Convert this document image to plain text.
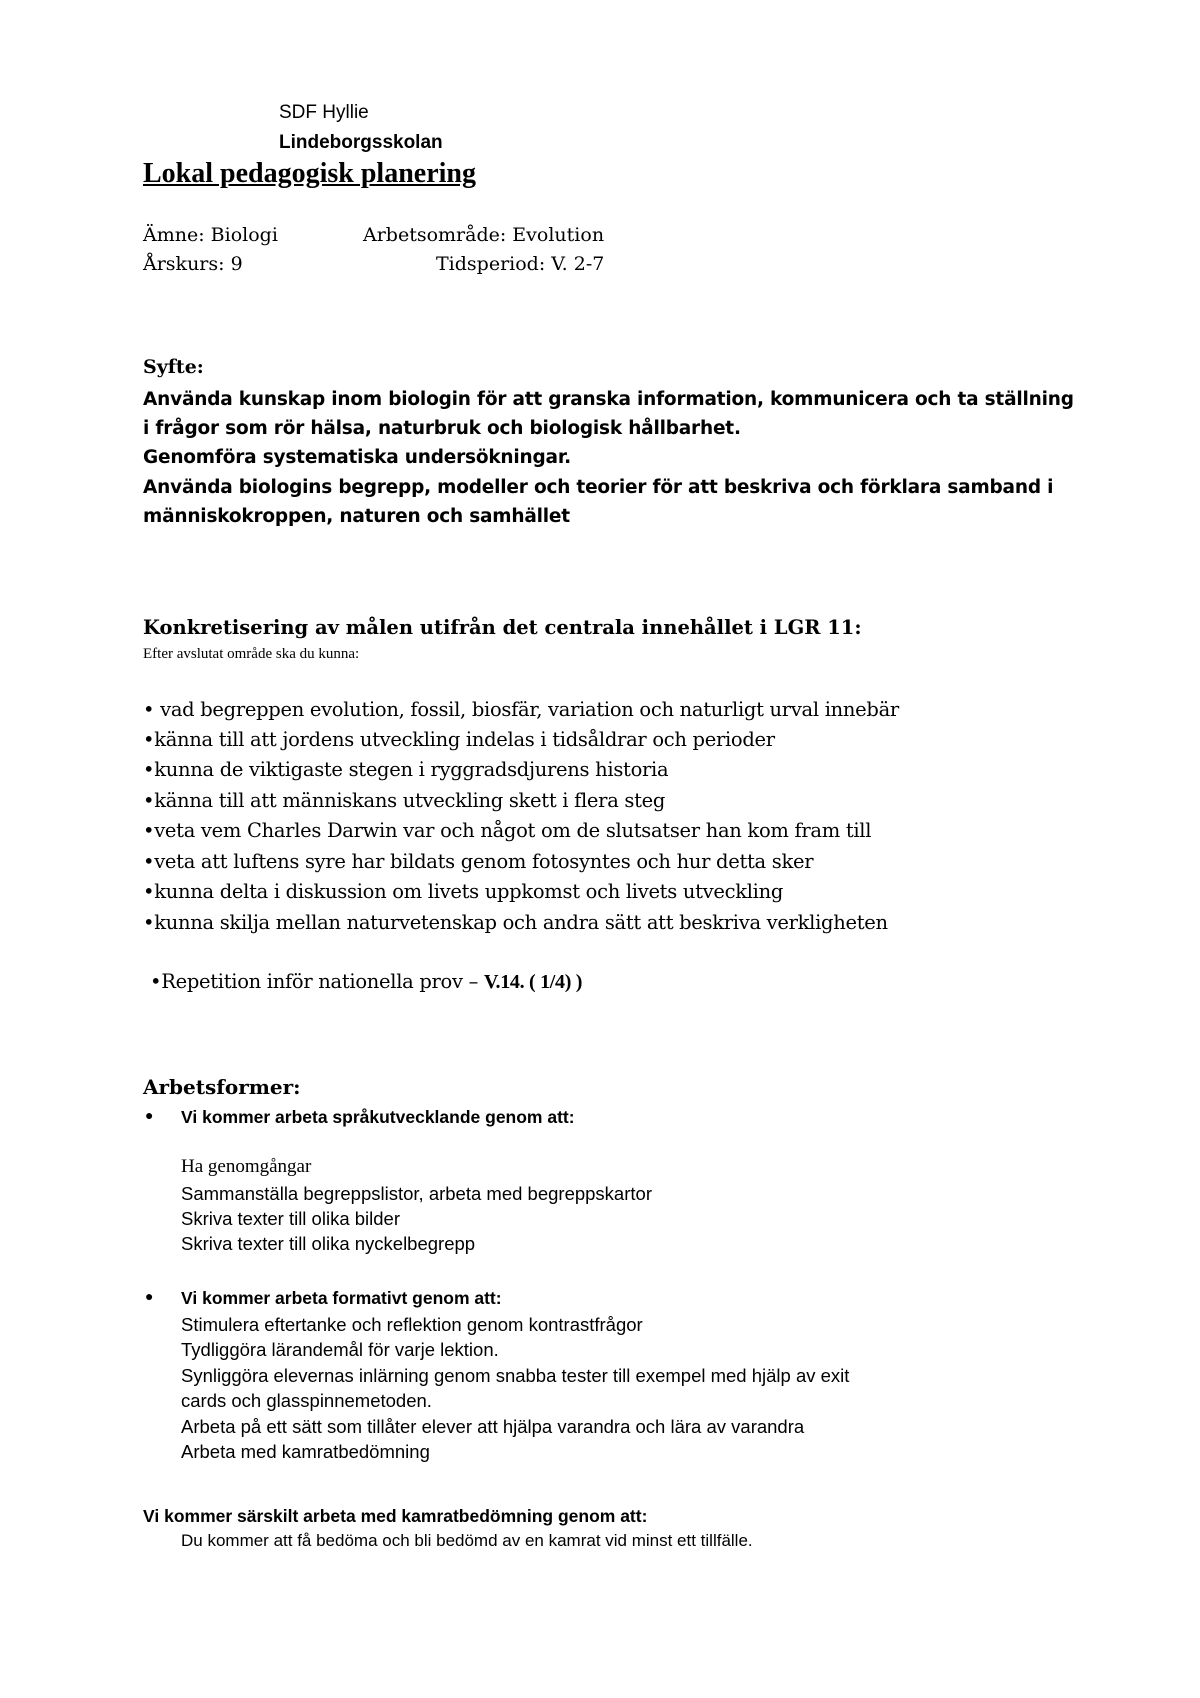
SDF Hyllie
Lindeborgsskolan
Lokal pedagogisk planering
Ämne: Biologi	Arbetsområde: Evolution
Årskurs: 9	Tidsperiod: V. 2-7
Syfte:
Använda kunskap inom biologin för att granska information, kommunicera och ta ställning
i frågor som rör hälsa, naturbruk och biologisk hållbarhet.
Genomföra systematiska undersökningar.
Använda biologins begrepp, modeller och teorier för att beskriva och förklara samband i
människokroppen, naturen och samhället
Konkretisering av målen utifrån det centrala innehållet i LGR 11:
Efter avslutat område ska du kunna:
• vad begreppen evolution, fossil, biosfär, variation och naturligt urval innebär
•känna till att jordens utveckling indelas i tidsåldrar och perioder
•kunna de viktigaste stegen i ryggradsdjurens historia
•känna till att människans utveckling skett i flera steg
•veta vem Charles Darwin var och något om de slutsatser han kom fram till
•veta att luftens syre har bildats genom fotosyntes och hur detta sker
•kunna delta i diskussion om livets uppkomst och livets utveckling
•kunna skilja mellan naturvetenskap och andra sätt att beskriva verkligheten
•Repetition inför nationella prov – V.14. ( 1/4) )
Arbetsformer:
● Vi kommer arbeta språkutvecklande genom att:
Ha genomgångar
Sammanställa begreppslistor, arbeta med begreppskartor
Skriva texter till olika bilder
Skriva texter till olika nyckelbegrepp
● Vi kommer arbeta formativt genom att:
Stimulera eftertanke och reflektion genom kontrastfrågor
Tydliggöra lärandemål för varje lektion.
Synliggöra elevernas inlärning genom snabba tester till exempel med hjälp av exit
cards och glasspinnemetoden.
Arbeta på ett sätt som tillåter elever att hjälpa varandra och lära av varandra
Arbeta med kamratbedömning
Vi kommer särskilt arbeta med kamratbedömning genom att:
Du kommer att få bedöma och bli bedömd av en kamrat vid minst ett tillfälle.
